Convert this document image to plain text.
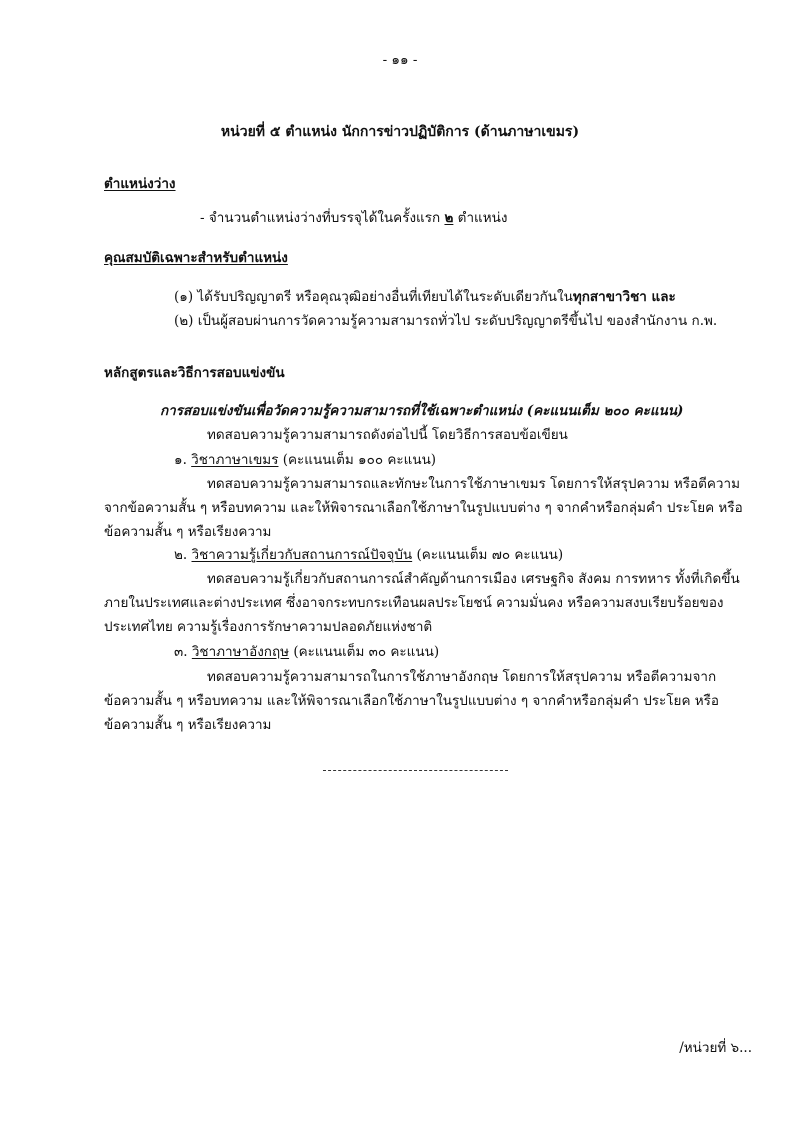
- ๑๑ -
หน่วยที่ ๕ ตำแหน่ง นักการข่าวปฏิบัติการ (ด้านภาษาเขมร)
ตำแหน่งว่าง
- จำนวนตำแหน่งว่างที่บรรจุได้ในครั้งแรก ๒ ตำแหน่ง
คุณสมบัติเฉพาะสำหรับตำแหน่ง
(๑) ได้รับปริญญาตรี หรือคุณวุฒิอย่างอื่นที่เทียบได้ในระดับเดียวกันในทุกสาขาวิชา และ
(๒) เป็นผู้สอบผ่านการวัดความรู้ความสามารถทั่วไป ระดับปริญญาตรีขึ้นไป ของสำนักงาน ก.พ.
หลักสูตรและวิธีการสอบแข่งขัน
การสอบแข่งขันเพื่อวัดความรู้ความสามารถที่ใช้เฉพาะตำแหน่ง (คะแนนเต็ม ๒๐๐ คะแนน)
ทดสอบความรู้ความสามารถดังต่อไปนี้ โดยวิธีการสอบข้อเขียน
๑. วิชาภาษาเขมร (คะแนนเต็ม ๑๐๐ คะแนน)
ทดสอบความรู้ความสามารถและทักษะในการใช้ภาษาเขมร โดยการให้สรุปความ หรือตีความ
จากข้อความสั้น ๆ หรือบทความ และให้พิจารณาเลือกใช้ภาษาในรูปแบบต่าง ๆ จากคำหรือกลุ่มคำ ประโยค หรือ
ข้อความสั้น ๆ หรือเรียงความ
๒. วิชาความรู้เกี่ยวกับสถานการณ์ปัจจุบัน (คะแนนเต็ม ๗๐ คะแนน)
ทดสอบความรู้เกี่ยวกับสถานการณ์สำคัญด้านการเมือง เศรษฐกิจ สังคม การทหาร ทั้งที่เกิดขึ้น
ภายในประเทศและต่างประเทศ ซึ่งอาจกระทบกระเทือนผลประโยชน์ ความมั่นคง หรือความสงบเรียบร้อยของ
ประเทศไทย ความรู้เรื่องการรักษาความปลอดภัยแห่งชาติ
๓. วิชาภาษาอังกฤษ (คะแนนเต็ม ๓๐ คะแนน)
ทดสอบความรู้ความสามารถในการใช้ภาษาอังกฤษ โดยการให้สรุปความ หรือตีความจาก
ข้อความสั้น ๆ หรือบทความ และให้พิจารณาเลือกใช้ภาษาในรูปแบบต่าง ๆ จากคำหรือกลุ่มคำ ประโยค หรือ
ข้อความสั้น ๆ หรือเรียงความ
/หน่วยที่ ๖...
